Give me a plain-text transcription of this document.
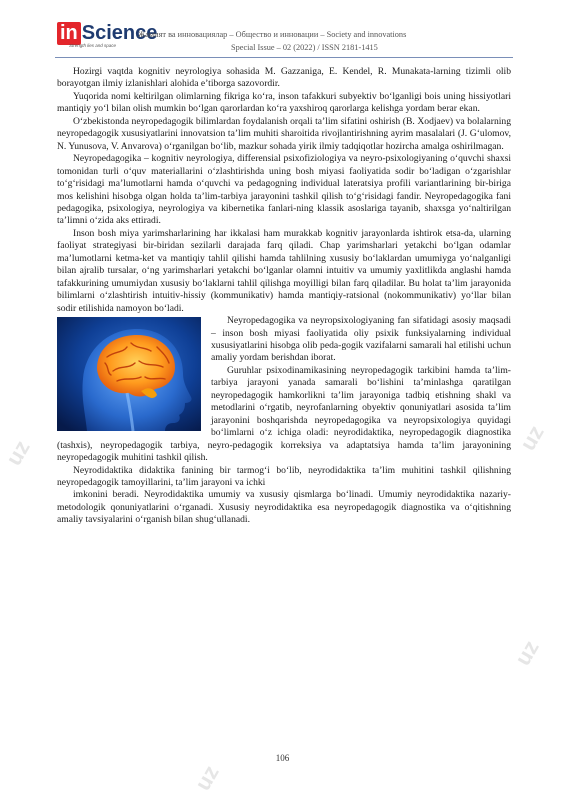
in Science
Strength lies and space
Жамият ва инновациялар – Общество и инновации – Society and innovations
Special Issue – 02 (2022) / ISSN 2181-1415
uz	uz
uz
uz

Hozirgi vaqtda kognitiv neyrologiya sohasida M. Gazzaniga, E. Kendel, R. Munakata-larning tizimli olib borayotgan ilmiy izlanishlari alohida e’tiborga sazovordir.

Yuqorida nomi keltirilgan olimlarning fikriga ko‘ra, inson tafakkuri subyektiv bo‘lganligi bois uning hissiyotlari mantiqiy yo‘l bilan olish mumkin bo‘lgan qarorlardan ko‘ra yaxshiroq qarorlarga kelishga yordam berar ekan.

O‘zbekistonda neyropedagogik bilimlardan foydalanish orqali ta’lim sifatini oshirish (B. Xodjaev) va bolalarning neyropedagogik xususiyatlarini innovatsion ta’lim muhiti sharoitida rivojlantirishning ayrim masalalari (J. G‘ulomov, N. Yunusova, V. Anvarova) o‘rganilgan bo‘lib, mazkur sohada yirik ilmiy tadqiqotlar hozircha amalga oshirilmagan.

Neyropedagogika – kognitiv neyrologiya, differensial psixofiziologiya va neyro-psixologiyaning o‘quvchi shaxsi tomonidan turli o‘quv materiallarini o‘zlashtirishda uning bosh miyasi faoliyatida sodir bo‘ladigan o‘zgarishlar to‘g‘risidagi ma’lumotlarni hamda o‘quvchi va pedagogning individual lateratsiya profili variantlarining bir-biriga mos kelishini hisobga olgan holda ta’lim-tarbiya jarayonini tashkil qilish to‘g‘risidagi fandir. Neyropedagogika fani pedagogika, psixologiya, neyrologiya va kibernetika fanlari-ning klassik asoslariga tayanib, shaxsga yo‘naltirilgan ta’limni o‘zida aks ettiradi.

Inson bosh miya yarimsharlarining har ikkalasi ham murakkab kognitiv jarayonlarda ishtirok etsa-da, ularning faoliyat strategiyasi bir-biridan sezilarli darajada farq qiladi. Chap yarimsharlari yetakchi bo‘lgan odamlar ma’lumotlarni ketma-ket va mantiqiy tahlil qilishi hamda tahlilning xususiy bo‘laklardan umumiyga yo‘nalganligi bilan ajralib tursalar, o‘ng yarimsharlari yetakchi bo‘lganlar olamni intuitiv va umumiy yaxlitlikda anglashi hamda tafakkurining umumiydan xususiy bo‘laklarni tahlil qilishga moyilligi bilan farq qiladilar. Bu holat ta’lim jarayonida bilimlarni o‘zlashtirish intuitiv-hissiy (kommunikativ) hamda mantiqiy-ratsional (nokommunikativ) yo‘llar bilan sodir etilishida namoyon bo‘ladi.

Neyropedagogika va neyropsixologiyaning fan sifatidagi asosiy maqsadi – inson bosh miyasi faoliyatida oliy psixik funksiyalarning individual xususiyatlarini hisobga olib peda-gogik vazifalarni samarali hal etilishi uchun amaliy yordam berishdan iborat.

Guruhlar psixodinamikasining neyropedagogik tarkibini hamda ta’lim-tarbiya jarayoni yanada samarali bo‘lishini ta’minlashga qaratilgan neyropedagogik hamkorlikni ta’lim jarayoniga tadbiq etishning shakl va metodlarini o‘rgatib, neyrofanlarning obyektiv qonuniyatlari asosida ta’lim jarayonini boshqarishda neyropedagogika va neyropsixologiya quyidagi bo‘limlarni o‘z ichiga oladi: neyrodidaktika, neyropedagogik diagnostika (tashxis), neyropedagogik tarbiya, neyro-pedagogik korreksiya va adaptatsiya hamda ta’lim jarayonining neyropedagogik muhitini tashkil qilish.

Neyrodidaktika didaktika fanining bir tarmog‘i bo‘lib, neyrodidaktika ta’lim muhitini tashkil qilishning neyropedagogik tamoyillarini, ta’lim jarayoni va ichki

imkonini beradi. Neyrodidaktika umumiy va xususiy qismlarga bo‘linadi. Umumiy neyrodidaktika nazariy-metodologik qonuniyatlarini o‘rganadi. Xususiy neyrodidaktika esa neyropedagogik diagnostika va o‘qitishning amaliy tavsiyalarini o‘rganish bilan shug‘ullanadi.

106
